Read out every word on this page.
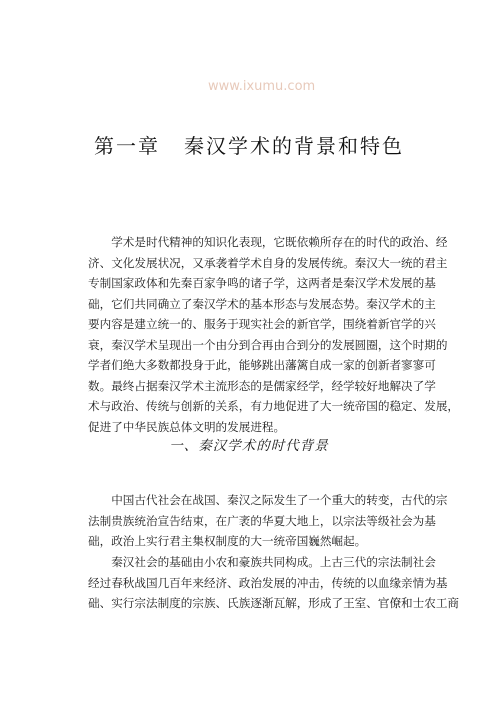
www.ixumu.com
第一章 秦汉学术的背景和特色
　　学术是时代精神的知识化表现，它既依赖所存在的时代的政治、经
济、文化发展状况，又承袭着学术自身的发展传统。秦汉大一统的君主
专制国家政体和先秦百家争鸣的诸子学，这两者是秦汉学术发展的基
础，它们共同确立了秦汉学术的基本形态与发展态势。秦汉学术的主
要内容是建立统一的、服务于现实社会的新官学，围绕着新官学的兴
衰，秦汉学术呈现出一个由分到合再由合到分的发展圆圈，这个时期的
学者们绝大多数都投身于此，能够跳出藩篱自成一家的创新者寥寥可
数。最终占据秦汉学术主流形态的是儒家经学，经学较好地解决了学
术与政治、传统与创新的关系，有力地促进了大一统帝国的稳定、发展，
促进了中华民族总体文明的发展进程。
一、秦汉学术的时代背景
　　中国古代社会在战国、秦汉之际发生了一个重大的转变，古代的宗
法制贵族统治宣告结束，在广袤的华夏大地上，以宗法等级社会为基
础，政治上实行君主集权制度的大一统帝国巍然崛起。
　　秦汉社会的基础由小农和豪族共同构成。上古三代的宗法制社会
经过春秋战国几百年来经济、政治发展的冲击，传统的以血缘亲情为基
础、实行宗法制度的宗族、氏族逐渐瓦解，形成了王室、官僚和士农工商
